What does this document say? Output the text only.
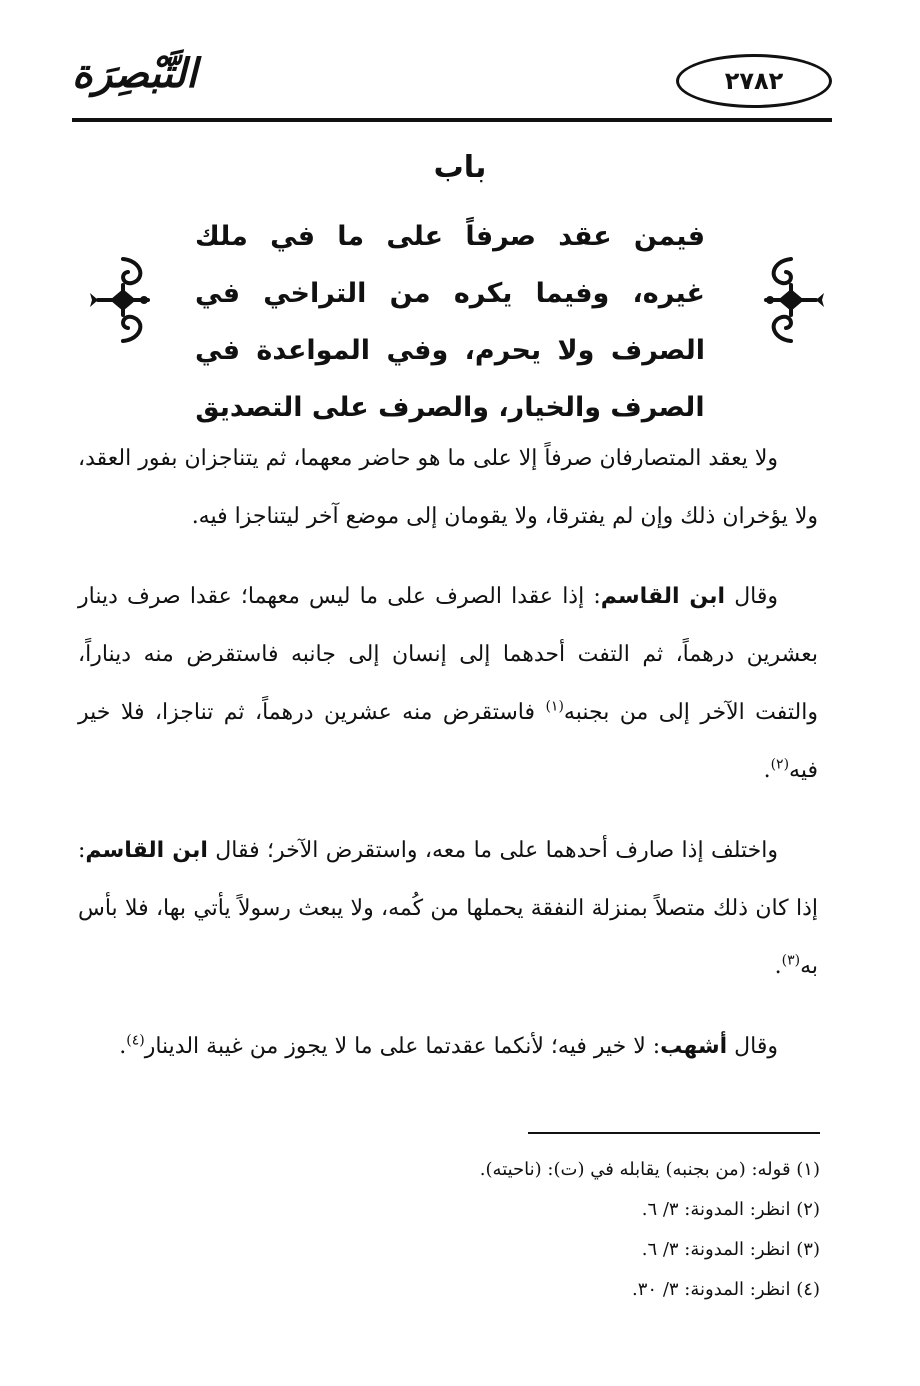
٢٧٨٢
التَّبْصِرَة
باب
فيمن عقد صرفاً على ما في ملك غيره، وفيما يكره من التراخي في الصرف ولا يحرم، وفي المواعدة في الصرف والخيار، والصرف على التصديق

ولا يعقد المتصارفان صرفاً إلا على ما هو حاضر معهما، ثم يتناجزان بفور العقد، ولا يؤخران ذلك وإن لم يفترقا، ولا يقومان إلى موضع آخر ليتناجزا فيه.

وقال ابن القاسم: إذا عقدا الصرف على ما ليس معهما؛ عقدا صرف دينار بعشرين درهماً، ثم التفت أحدهما إلى إنسان إلى جانبه فاستقرض منه ديناراً، والتفت الآخر إلى من بجنبه$^{(١)}$ فاستقرض منه عشرين درهماً، ثم تناجزا، فلا خير فيه$^{(٢)}$.

واختلف إذا صارف أحدهما على ما معه، واستقرض الآخر؛ فقال ابن القاسم: إذا كان ذلك متصلاً بمنزلة النفقة يحملها من كُمه، ولا يبعث رسولاً يأتي بها، فلا بأس به$^{(٣)}$.

وقال أشهب: لا خير فيه؛ لأنكما عقدتما على ما لا يجوز من غيبة الدينار$^{(٤)}$.

(١) قوله: (من بجنبه) يقابله في (ت): (ناحيته).
(٢) انظر: المدونة: ٣/ ٦.
(٣) انظر: المدونة: ٣/ ٦.
(٤) انظر: المدونة: ٣/ ٣٠.
